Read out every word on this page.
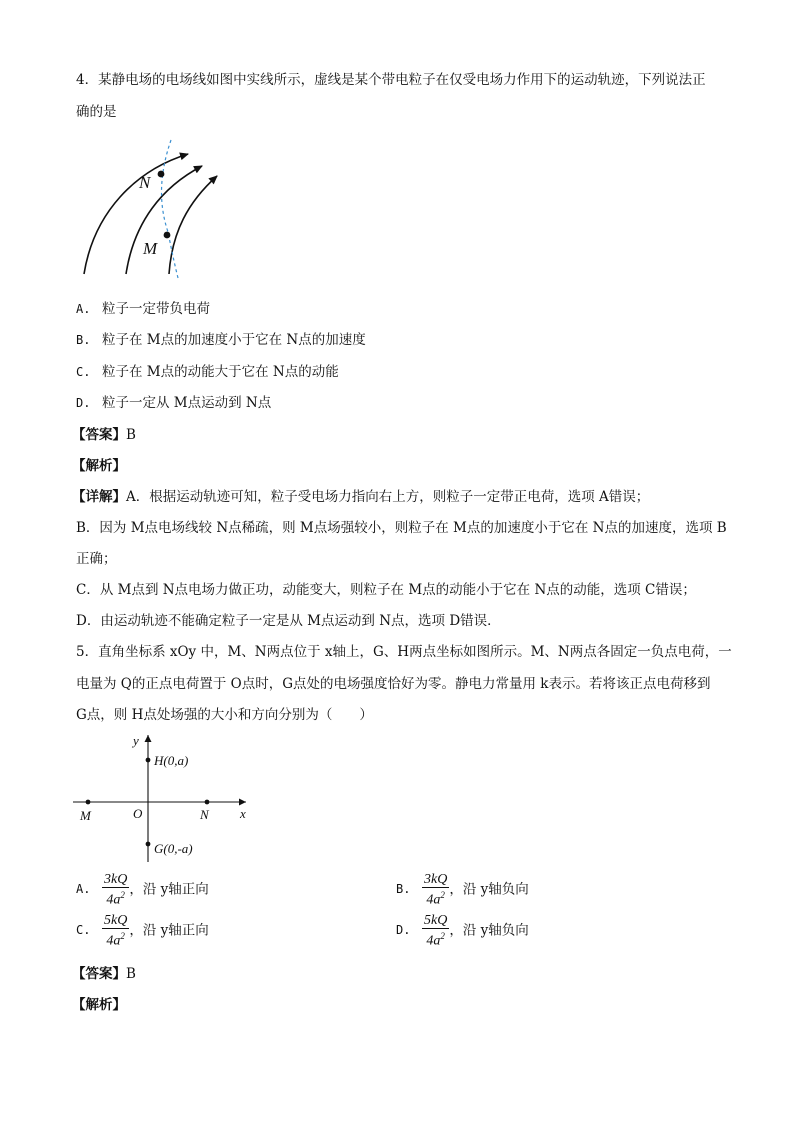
4．某静电场的电场线如图中实线所示，虚线是某个带电粒子在仅受电场力作用下的运动轨迹，下列说法正
确的是
N
M
A. 粒子一定带负电荷
B. 粒子在 M点的加速度小于它在 N点的加速度
C. 粒子在 M点的动能大于它在 N点的动能
D. 粒子一定从 M点运动到 N点
【答案】B
【解析】
【详解】A．根据运动轨迹可知，粒子受电场力指向右上方，则粒子一定带正电荷，选项 A错误；
B．因为 M点电场线较 N点稀疏，则 M点场强较小，则粒子在 M点的加速度小于它在 N点的加速度，选项 B
正确；
C．从 M点到 N点电场力做正功，动能变大，则粒子在 M点的动能小于它在 N点的动能，选项 C错误；
D．由运动轨迹不能确定粒子一定是从 M点运动到 N点，选项 D错误．
5．直角坐标系 xOy 中，M、N两点位于 x轴上，G、H两点坐标如图所示。M、N两点各固定一负点电荷，一
电量为 Q的正点电荷置于 O点时，G点处的电场强度恰好为零。静电力常量用 k表示。若将该正点电荷移到
G点，则 H点处场强的大小和方向分别为（　　）
y
x
H(0,a)
G(0,-a)
O
M	N
A. $\frac{3kQ}{4a^2}$ ，沿 y轴正向	B. $\frac{3kQ}{4a^2}$ ，沿 y轴负向
C. $\frac{5kQ}{4a^2}$ ，沿 y轴正向	D. $\frac{5kQ}{4a^2}$ ，沿 y轴负向
【答案】B
【解析】
